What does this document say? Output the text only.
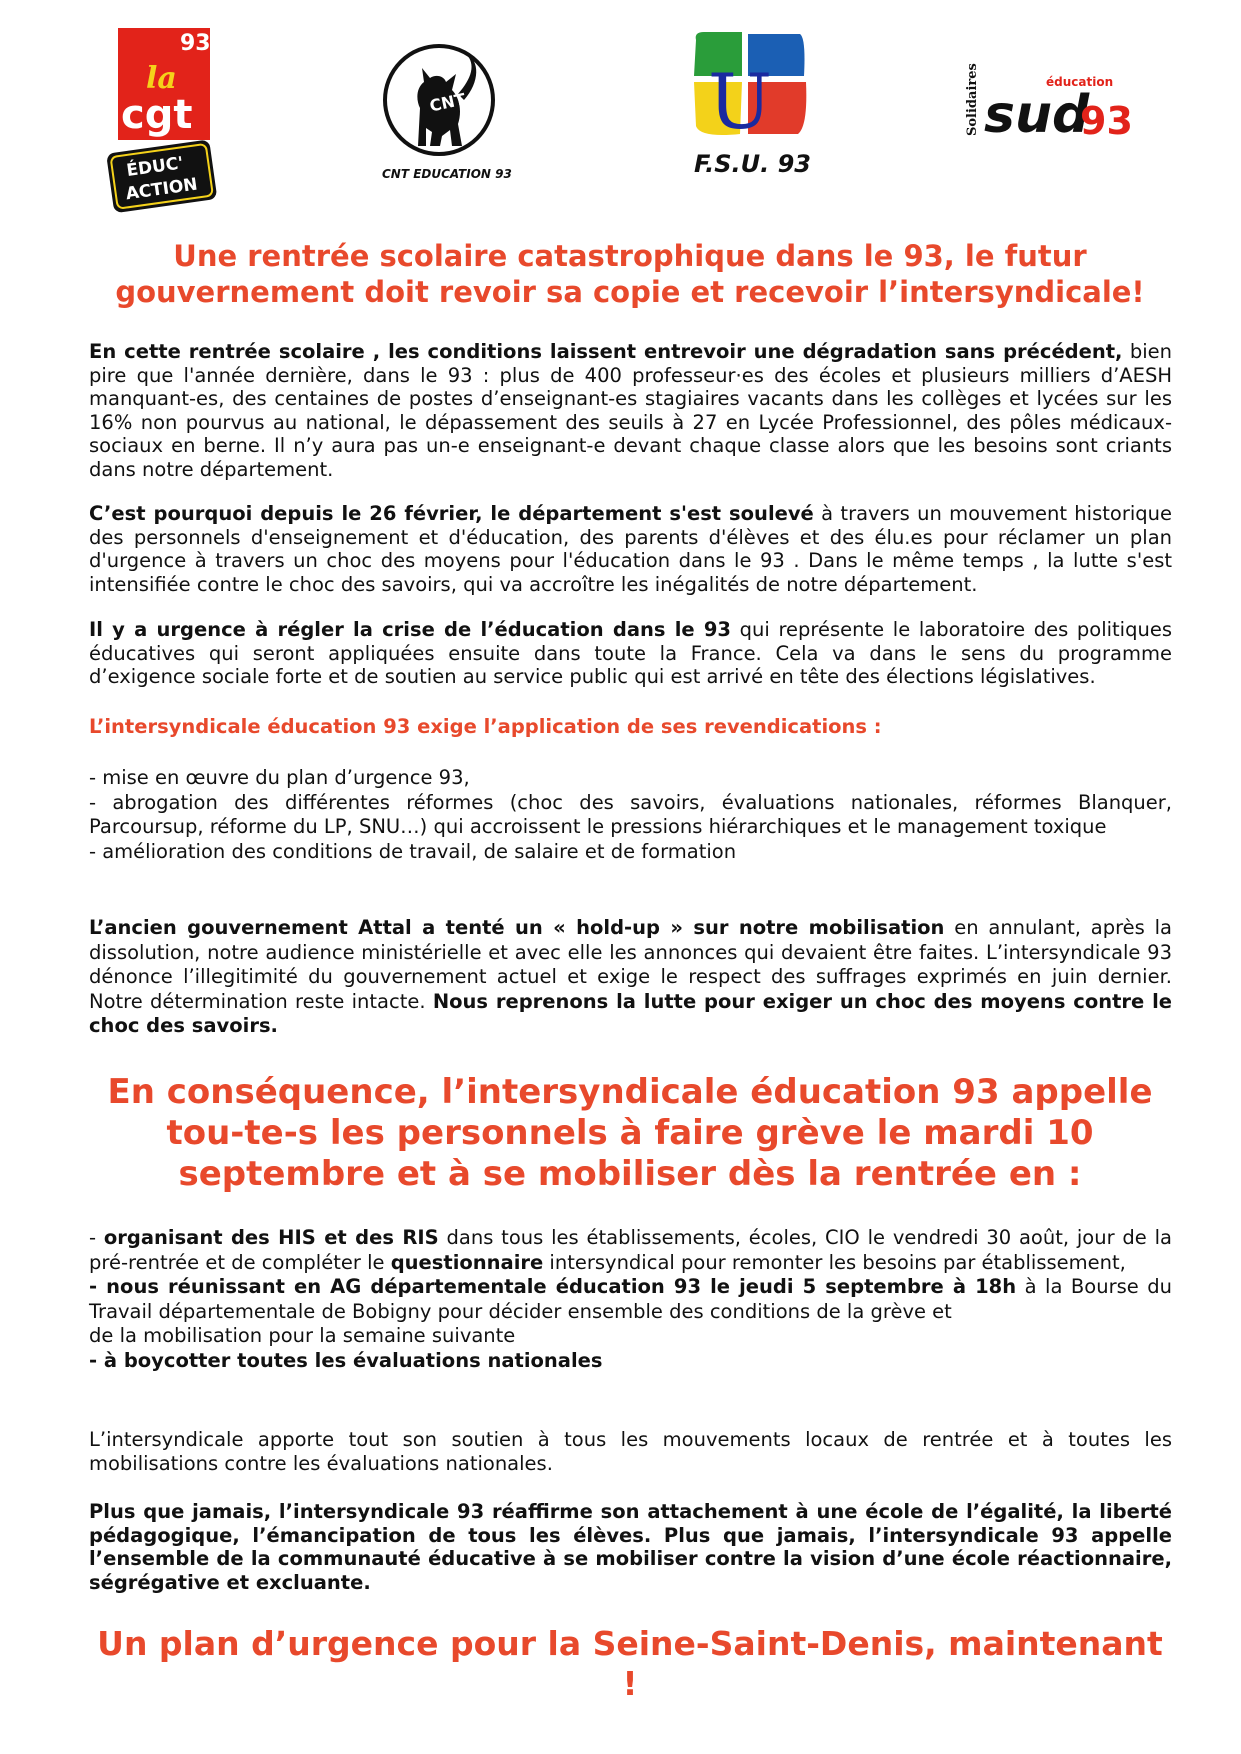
93
la
cgt
ÉDUC'
ACTION
CNT
CNT EDUCATION 93
U
F.S.U. 93
Solidaires	éducation
sud
93
Une rentrée scolaire catastrophique dans le 93, le futur
gouvernement doit revoir sa copie et recevoir l’intersyndicale!
En cette rentrée scolaire , les conditions laissent entrevoir une dégradation sans précédent, bien pire que l'année dernière, dans le 93 : plus de 400 professeur·es des écoles et plusieurs milliers d’AESH manquant-es, des centaines de postes d’enseignant-es stagiaires vacants dans les collèges et lycées sur les 16% non pourvus au national, le dépassement des seuils à 27 en Lycée Professionnel, des pôles médicaux-sociaux en berne. Il n’y aura pas un-e enseignant-e devant chaque classe alors que les besoins sont criants dans notre département.
C’est pourquoi depuis le 26 février, le département s'est soulevé à travers un mouvement historique des personnels d'enseignement et d'éducation, des parents d'élèves et des élu.es pour réclamer un plan d'urgence à travers un choc des moyens pour l'éducation dans le 93 . Dans le même temps , la lutte s'est intensifiée contre le choc des savoirs, qui va accroître les inégalités de notre département.
Il y a urgence à régler la crise de l’éducation dans le 93 qui représente le laboratoire des politiques éducatives qui seront appliquées ensuite dans toute la France. Cela va dans le sens du programme d’exigence sociale forte et de soutien au service public qui est arrivé en tête des élections législatives.
L’intersyndicale éducation 93 exige l’application de ses revendications :
- mise en œuvre du plan d’urgence 93,
- abrogation des différentes réformes (choc des savoirs, évaluations nationales, réformes Blanquer, Parcoursup, réforme du LP, SNU…) qui accroissent le pressions hiérarchiques et le management toxique
- amélioration des conditions de travail, de salaire et de formation
L’ancien gouvernement Attal a tenté un « hold-up » sur notre mobilisation en annulant, après la dissolution, notre audience ministérielle et avec elle les annonces qui devaient être faites. L’intersyndicale 93 dénonce l’illegitimité du gouvernement actuel et exige le respect des suffrages exprimés en juin dernier. Notre détermination reste intacte. Nous reprenons la lutte pour exiger un choc des moyens contre le choc des savoirs.
En conséquence, l’intersyndicale éducation 93 appelle
tou-te-s les personnels à faire grève le mardi 10
septembre et à se mobiliser dès la rentrée en :
- organisant des HIS et des RIS dans tous les établissements, écoles, CIO le vendredi 30 août, jour de la pré-rentrée et de compléter le questionnaire intersyndical pour remonter les besoins par établissement,
- nous réunissant en AG départementale éducation 93 le jeudi 5 septembre à 18h à la Bourse du Travail départementale de Bobigny pour décider ensemble des conditions de la grève et
de la mobilisation pour la semaine suivante
- à boycotter toutes les évaluations nationales
L’intersyndicale apporte tout son soutien à tous les mouvements locaux de rentrée et à toutes les mobilisations contre les évaluations nationales.
Plus que jamais, l’intersyndicale 93 réaffirme son attachement à une école de l’égalité, la liberté pédagogique, l’émancipation de tous les élèves. Plus que jamais, l’intersyndicale 93 appelle l’ensemble de la communauté éducative à se mobiliser contre la vision d’une école réactionnaire, ségrégative et excluante.
Un plan d’urgence pour la Seine-Saint-Denis, maintenant !
